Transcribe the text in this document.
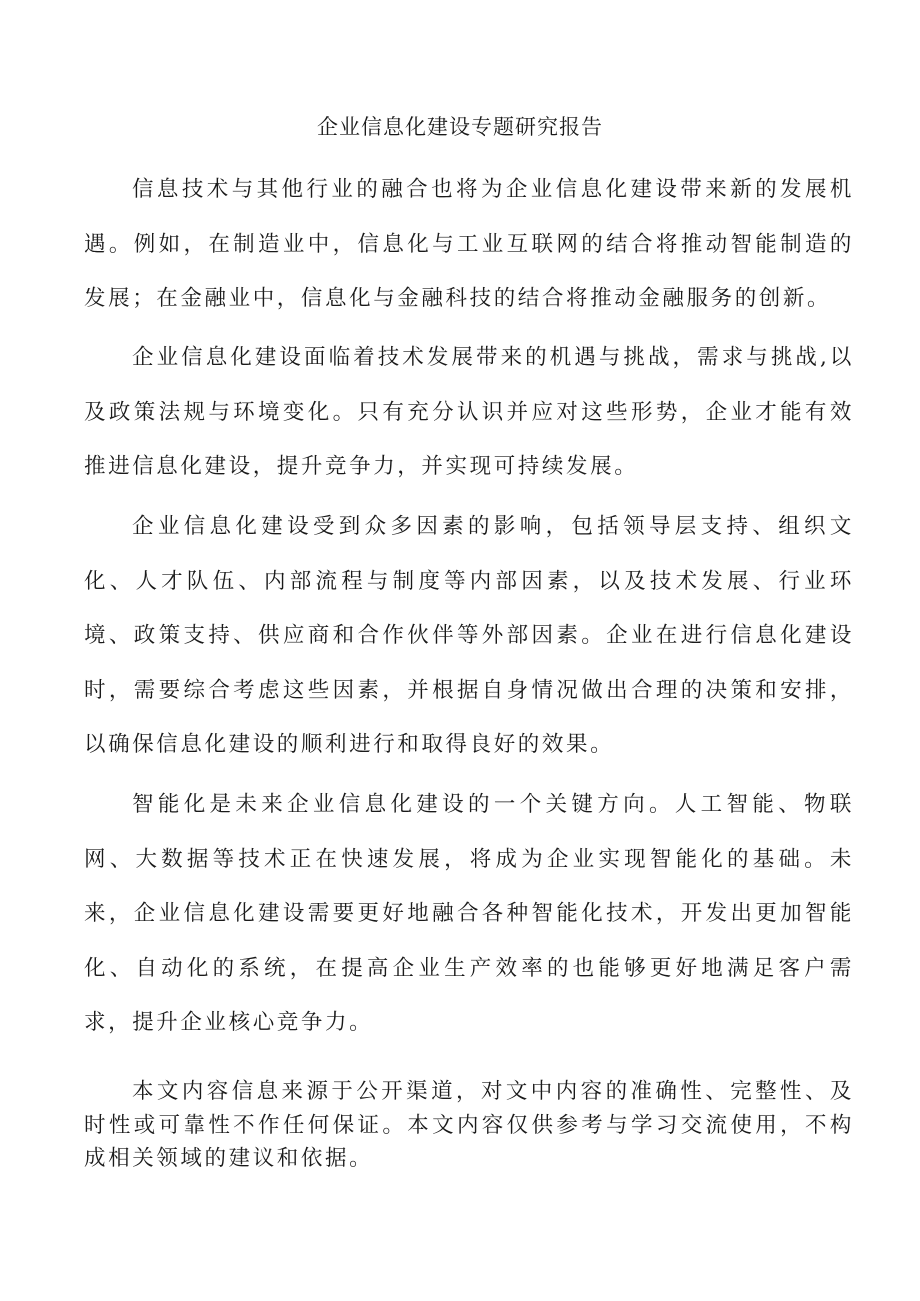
企业信息化建设专题研究报告

信息技术与其他行业的融合也将为企业信息化建设带来新的发展机遇。例如，在制造业中，信息化与工业互联网的结合将推动智能制造的发展；在金融业中，信息化与金融科技的结合将推动金融服务的创新。

企业信息化建设面临着技术发展带来的机遇与挑战，需求与挑战,以及政策法规与环境变化。只有充分认识并应对这些形势，企业才能有效推进信息化建设，提升竞争力，并实现可持续发展。

企业信息化建设受到众多因素的影响，包括领导层支持、组织文化、人才队伍、内部流程与制度等内部因素，以及技术发展、行业环境、政策支持、供应商和合作伙伴等外部因素。企业在进行信息化建设时，需要综合考虑这些因素，并根据自身情况做出合理的决策和安排，以确保信息化建设的顺利进行和取得良好的效果。

智能化是未来企业信息化建设的一个关键方向。人工智能、物联网、大数据等技术正在快速发展，将成为企业实现智能化的基础。未来，企业信息化建设需要更好地融合各种智能化技术，开发出更加智能化、自动化的系统，在提高企业生产效率的也能够更好地满足客户需求，提升企业核心竞争力。

本文内容信息来源于公开渠道，对文中内容的准确性、完整性、及时性或可靠性不作任何保证。本文内容仅供参考与学习交流使用，不构成相关领域的建议和依据。
